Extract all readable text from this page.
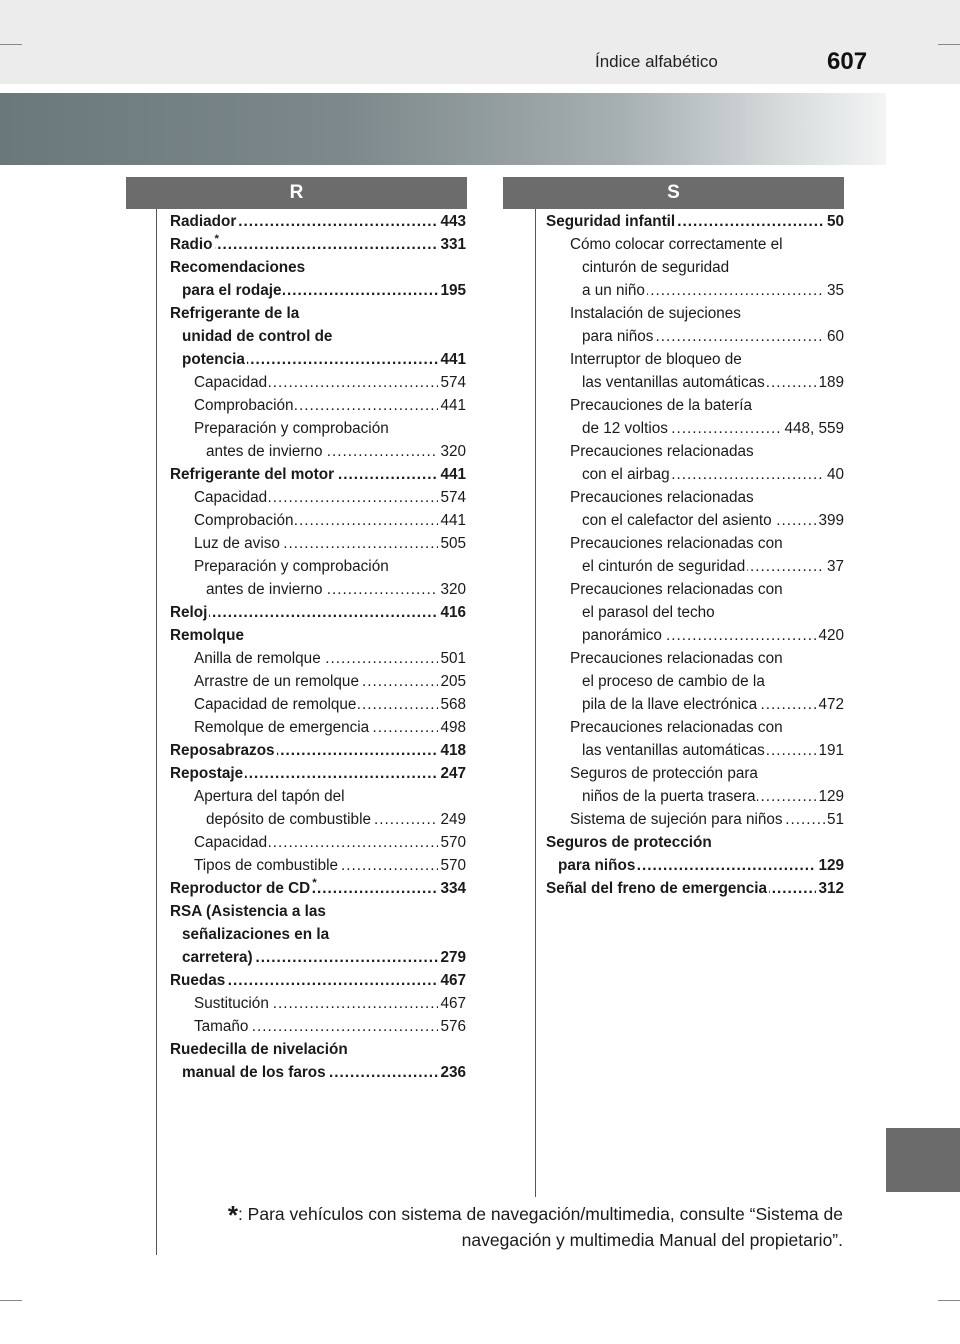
Índice alfabético	607
R	S
.....
Radiador	443
.....
Radio *	331
Recomendaciones
.....
para el rodaje	195
Refrigerante de la
unidad de control de
.....
potencia	441
.....
Capacidad	574
.....
Comprobación	441
Preparación y comprobación
.....
antes de invierno	320
.....
Refrigerante del motor	441
.....
Capacidad	574
.....
Comprobación	441
.....
Luz de aviso	505
Preparación y comprobación
.....
antes de invierno	320
.....
Reloj	416
Remolque
.....
Anilla de remolque	501
.....
Arrastre de un remolque	205
.....
Capacidad de remolque	568
.....
Remolque de emergencia	498
.....
Reposabrazos	418
.....
Repostaje	247
Apertura del tapón del
.....
depósito de combustible	249
.....
Capacidad	570
.....
Tipos de combustible	570
.....
Reproductor de CD *	334
RSA (Asistencia a las
señalizaciones en la
.....
carretera)	279
.....
Ruedas	467
.....
Sustitución	467
.....
Tamaño	576
Ruedecilla de nivelación
.....
manual de los faros	236
.....
Seguridad infantil	50
Cómo colocar correctamente el
cinturón de seguridad
.....
a un niño	35
Instalación de sujeciones
.....
para niños	60
Interruptor de bloqueo de
.....
las ventanillas automáticas	189
Precauciones de la batería
.....
de 12 voltios	448, 559
Precauciones relacionadas
.....
con el airbag	40
Precauciones relacionadas
.....
con el calefactor del asiento	399
Precauciones relacionadas con
.....
el cinturón de seguridad	37
Precauciones relacionadas con
el parasol del techo
.....
panorámico	420
Precauciones relacionadas con
el proceso de cambio de la
.....
pila de la llave electrónica	472
Precauciones relacionadas con
.....
las ventanillas automáticas	191
Seguros de protección para
.....
niños de la puerta trasera	129
.....
Sistema de sujeción para niños	51
Seguros de protección
.....
para niños	129
.....
Señal del freno de emergencia	312
*: Para vehículos con sistema de navegación/multimedia, consulte “Sistema de
navegación y multimedia Manual del propietario”.
